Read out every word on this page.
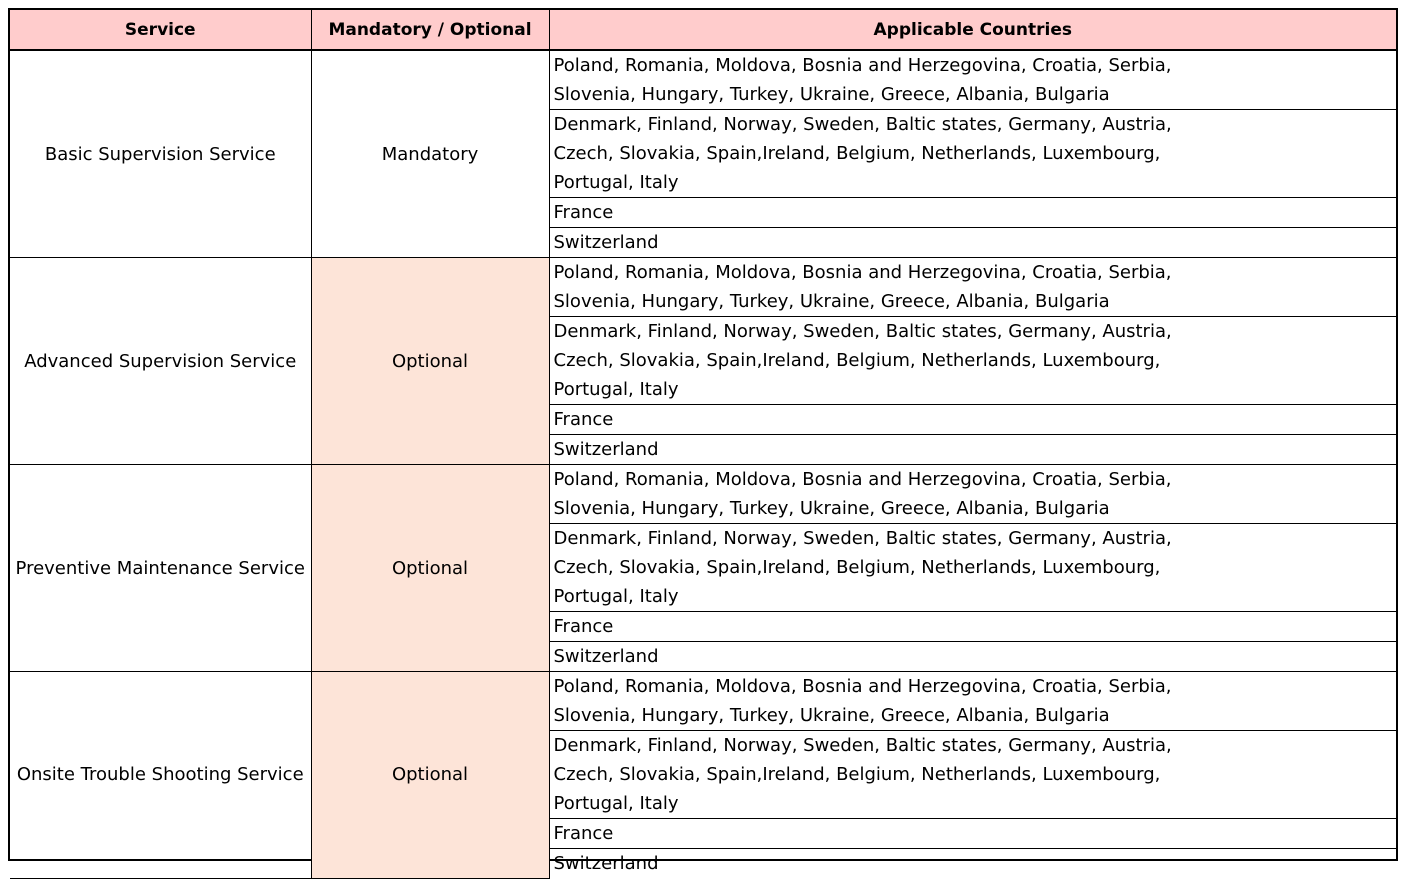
Service	Mandatory / Optional	Applicable Countries
Basic Supervision Service	Mandatory	Poland, Romania, Moldova, Bosnia and Herzegovina, Croatia, Serbia,
Slovenia, Hungary, Turkey, Ukraine, Greece, Albania, Bulgaria
		Denmark, Finland, Norway, Sweden, Baltic states, Germany, Austria,
Czech, Slovakia, Spain,Ireland, Belgium, Netherlands, Luxembourg,
Portugal, Italy
		France
		Switzerland
Advanced Supervision Service	Optional	Poland, Romania, Moldova, Bosnia and Herzegovina, Croatia, Serbia,
Slovenia, Hungary, Turkey, Ukraine, Greece, Albania, Bulgaria
		Denmark, Finland, Norway, Sweden, Baltic states, Germany, Austria,
Czech, Slovakia, Spain,Ireland, Belgium, Netherlands, Luxembourg,
Portugal, Italy
		France
		Switzerland
Preventive Maintenance Service	Optional	Poland, Romania, Moldova, Bosnia and Herzegovina, Croatia, Serbia,
Slovenia, Hungary, Turkey, Ukraine, Greece, Albania, Bulgaria
		Denmark, Finland, Norway, Sweden, Baltic states, Germany, Austria,
Czech, Slovakia, Spain,Ireland, Belgium, Netherlands, Luxembourg,
Portugal, Italy
		France
		Switzerland
Onsite Trouble Shooting Service	Optional	Poland, Romania, Moldova, Bosnia and Herzegovina, Croatia, Serbia,
Slovenia, Hungary, Turkey, Ukraine, Greece, Albania, Bulgaria
		Denmark, Finland, Norway, Sweden, Baltic states, Germany, Austria,
Czech, Slovakia, Spain,Ireland, Belgium, Netherlands, Luxembourg,
Portugal, Italy
		France
		Switzerland
